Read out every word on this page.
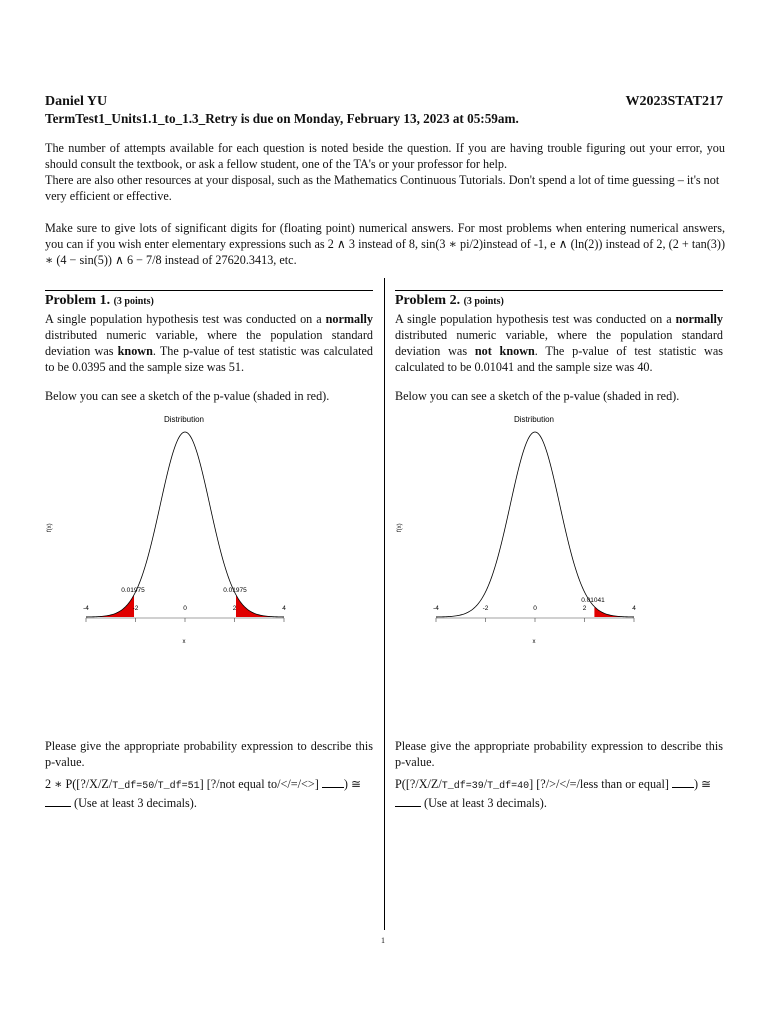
Daniel YU	W2023STAT217
TermTest1_Units1.1_to_1.3_Retry is due on Monday, February 13, 2023 at 05:59am.
The number of attempts available for each question is noted beside the question. If you are having trouble figuring out your error, you should consult the textbook, or ask a fellow student, one of the TA's or your professor for help.
There are also other resources at your disposal, such as the Mathematics Continuous Tutorials. Don't spend a lot of time guessing – it's not very efficient or effective.
Make sure to give lots of significant digits for (floating point) numerical answers. For most problems when entering numerical answers, you can if you wish enter elementary expressions such as 2 ∧ 3 instead of 8, sin(3 ∗ pi/2)instead of -1, e ∧ (ln(2)) instead of 2, (2 + tan(3)) ∗ (4 − sin(5)) ∧ 6 − 7/8 instead of 27620.3413, etc.
Problem 1. (3 points)
A single population hypothesis test was conducted on a normally distributed numeric variable, where the population standard deviation was known. The p-value of test statistic was calculated to be 0.0395 and the sample size was 51.
Below you can see a sketch of the p-value (shaded in red).
Distribution
f(x)
0.01975	0.01975
-4	-2	0	2	4
x
Please give the appropriate probability expression to describe this p-value.
2 ∗ P([?/X/Z/T_df=50/T_df=51] [?/not equal to/</=/<>] ) ≅
(Use at least 3 decimals).
Problem 2. (3 points)
A single population hypothesis test was conducted on a normally distributed numeric variable, where the population standard deviation was not known. The p-value of test statistic was calculated to be 0.01041 and the sample size was 40.
Below you can see a sketch of the p-value (shaded in red).
Distribution
f(x)
0.01041
-4	-2	0	2	4
x
Please give the appropriate probability expression to describe this p-value.
P([?/X/Z/T_df=39/T_df=40] [?/>/</=/less than or equal] ) ≅
(Use at least 3 decimals).
1
